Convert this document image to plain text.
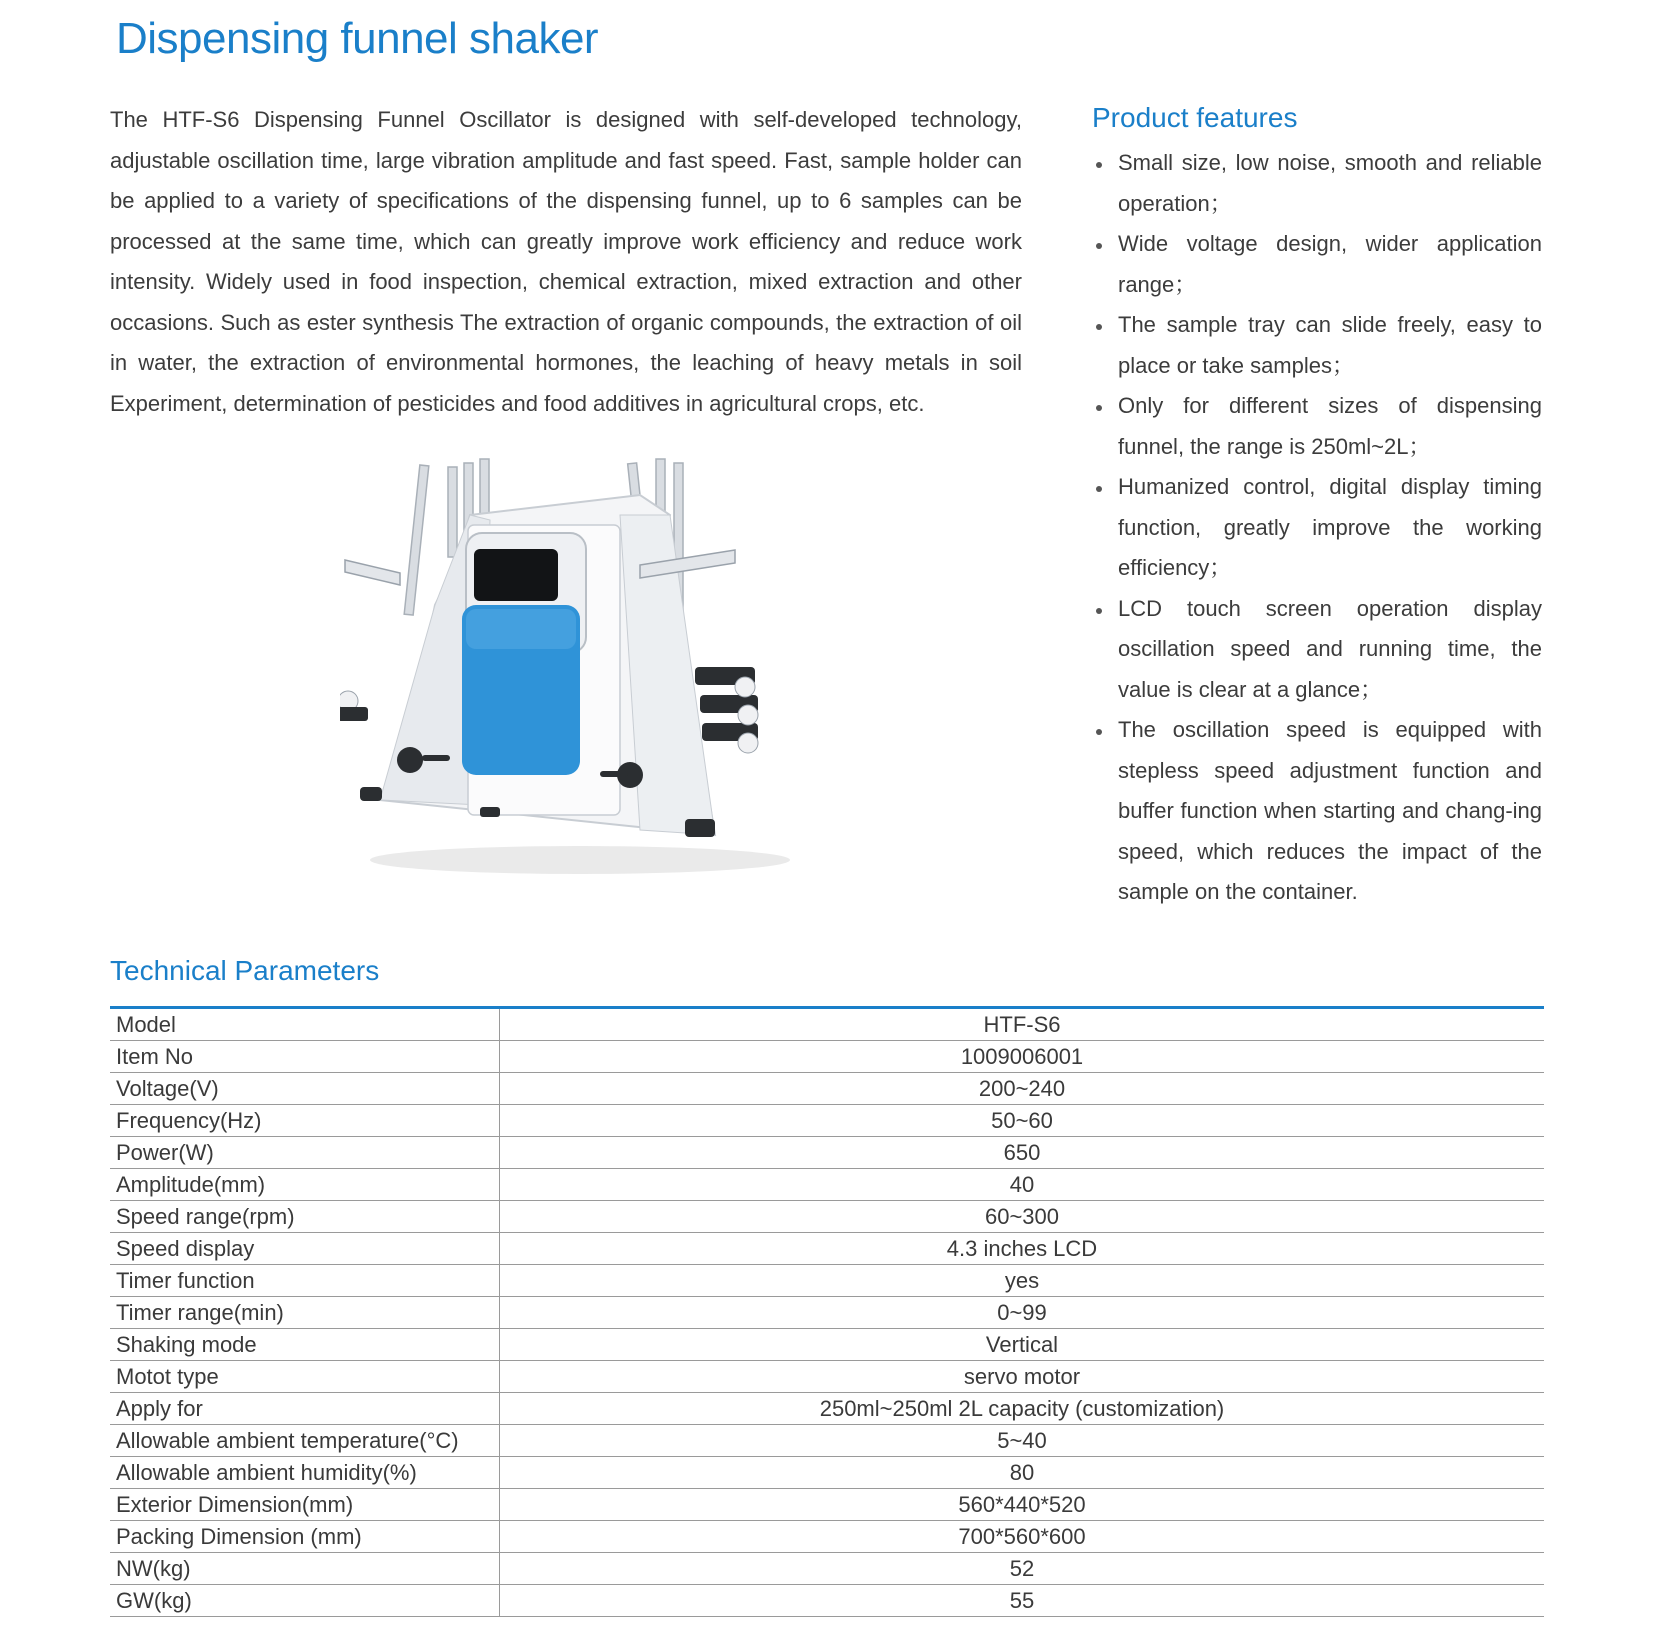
Dispensing funnel shaker

The HTF-S6 Dispensing Funnel Oscillator is designed with self-developed technology, adjustable oscillation time, large vibration amplitude and fast speed. Fast, sample holder can be applied to a variety of specifications of the dispensing funnel, up to 6 samples can be processed at the same time, which can greatly improve work efficiency and reduce work intensity. Widely used in food inspection, chemical extraction, mixed extraction and other occasions. Such as ester synthesis The extraction of organic compounds, the extraction of oil in water, the extraction of environmental hormones, the leaching of heavy metals in soil Experiment, determination of pesticides and food additives in agricultural crops, etc.

Product features
Small size, low noise, smooth and reliable operation；
Wide voltage design, wider application range；
The sample tray can slide freely, easy to place or take samples；
Only for different sizes of dispensing funnel, the range is 250ml~2L；
Humanized control, digital display timing function, greatly improve the working efficiency；
LCD touch screen operation display oscillation speed and running time, the value is clear at a glance；
The oscillation speed is equipped with stepless speed adjustment function and buffer function when starting and chang-ing speed, which reduces the impact of the sample on the container.
Technical Parameters
Model	HTF-S6
Item No	1009006001
Voltage(V)	200~240
Frequency(Hz)	50~60
Power(W)	650
Amplitude(mm)	40
Speed range(rpm)	60~300
Speed display	4.3 inches LCD
Timer function	yes
Timer range(min)	0~99
Shaking mode	Vertical
Motot type	servo motor
Apply for	250ml~250ml 2L capacity (customization)
Allowable ambient temperature(°C)	5~40
Allowable ambient humidity(%)	80
Exterior Dimension(mm)	560*440*520
Packing Dimension (mm)	700*560*600
NW(kg)	52
GW(kg)	55
